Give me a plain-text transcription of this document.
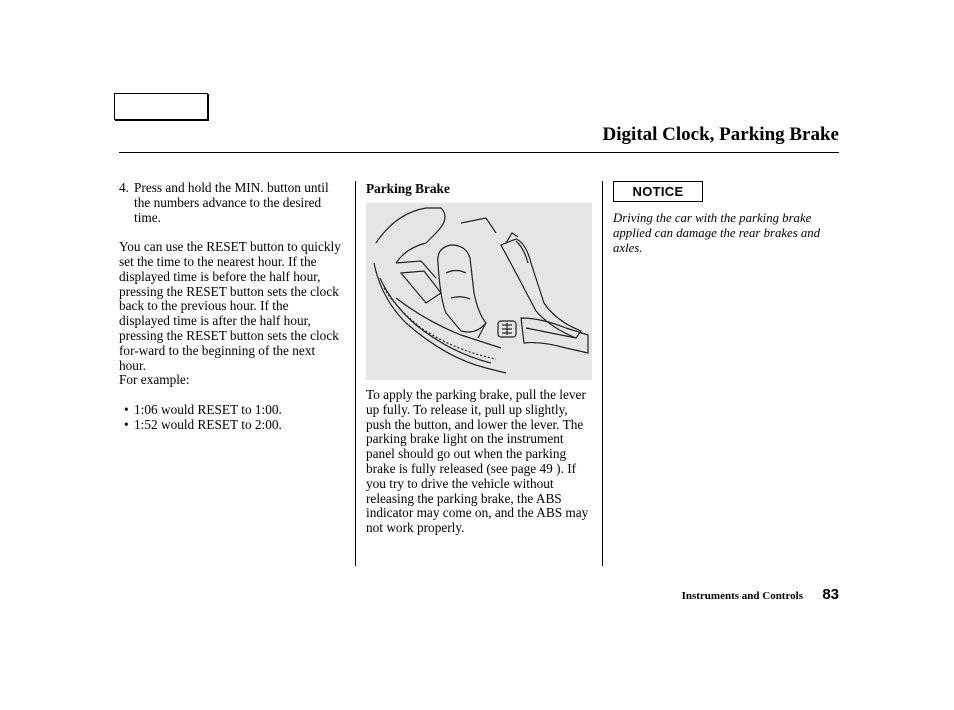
Digital Clock, Parking Brake
4. Press and hold the MIN. button until the numbers advance to the desired time.

You can use the RESET button to quickly set the time to the nearest hour. If the displayed time is before the half hour, pressing the RESET button sets the clock back to the previous hour. If the displayed time is after the half hour, pressing the RESET button sets the clock for-ward to the beginning of the next hour.

For example:

• 1:06 would RESET to 1:00.
• 1:52 would RESET to 2:00.
Parking Brake
To apply the parking brake, pull the lever up fully. To release it, pull up slightly, push the button, and lower the lever. The parking brake light on the instrument panel should go out when the parking brake is fully released (see page 49 ). If you try to drive the vehicle without releasing the parking brake, the ABS indicator may come on, and the ABS may not work properly.
NOTICE
Driving the car with the parking brake applied can damage the rear brakes and axles.
Instruments and Controls 83
